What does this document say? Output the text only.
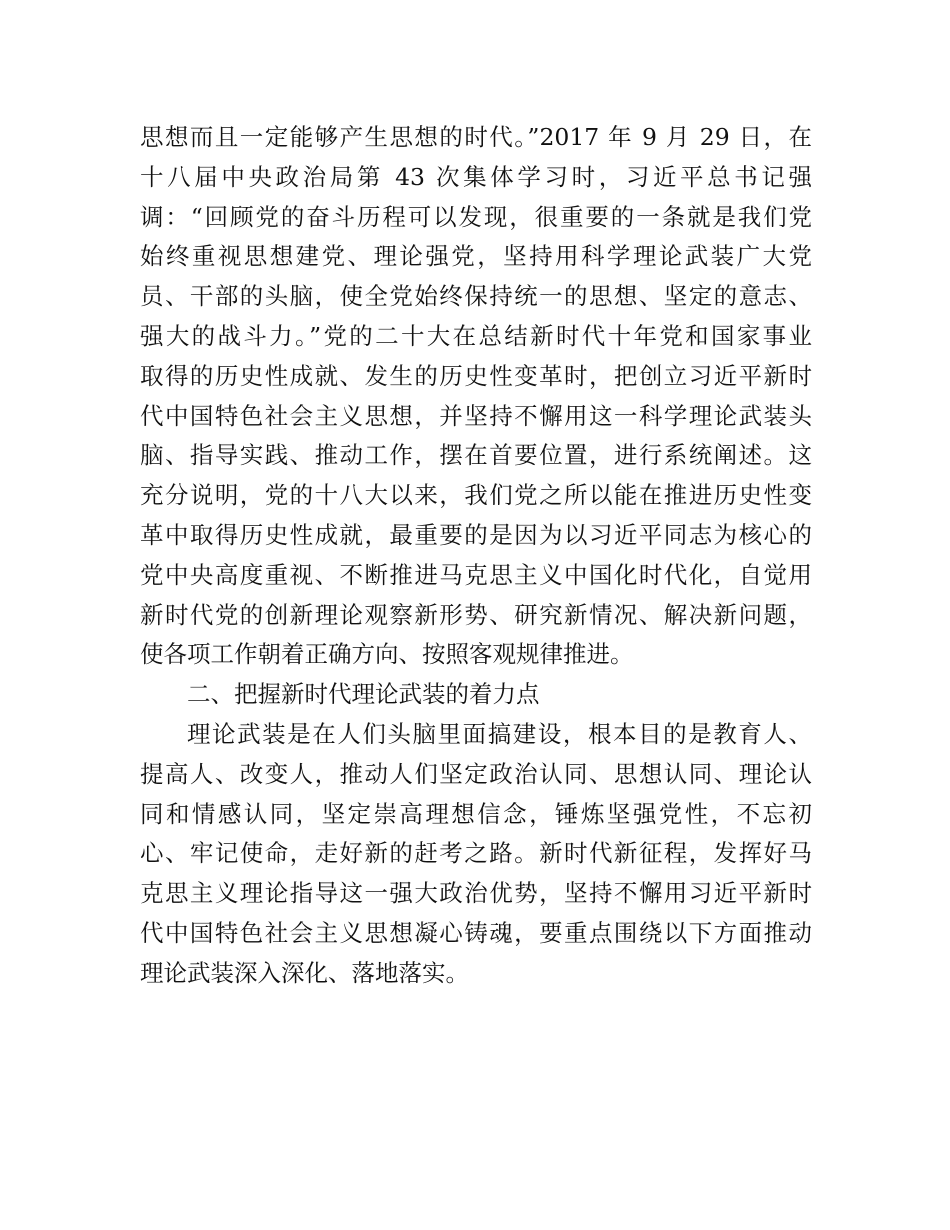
思想而且一定能够产生思想的时代。”2017 年 9 月 29 日，在
十八届中央政治局第 43 次集体学习时，习近平总书记强
调：“回顾党的奋斗历程可以发现，很重要的一条就是我们党
始终重视思想建党、理论强党，坚持用科学理论武装广大党
员、干部的头脑，使全党始终保持统一的思想、坚定的意志、
强大的战斗力。”党的二十大在总结新时代十年党和国家事业
取得的历史性成就、发生的历史性变革时，把创立习近平新时
代中国特色社会主义思想，并坚持不懈用这一科学理论武装头
脑、指导实践、推动工作，摆在首要位置，进行系统阐述。这
充分说明，党的十八大以来，我们党之所以能在推进历史性变
革中取得历史性成就，最重要的是因为以习近平同志为核心的
党中央高度重视、不断推进马克思主义中国化时代化，自觉用
新时代党的创新理论观察新形势、研究新情况、解决新问题，
使各项工作朝着正确方向、按照客观规律推进。
二、把握新时代理论武装的着力点
理论武装是在人们头脑里面搞建设，根本目的是教育人、
提高人、改变人，推动人们坚定政治认同、思想认同、理论认
同和情感认同，坚定崇高理想信念，锤炼坚强党性，不忘初
心、牢记使命，走好新的赶考之路。新时代新征程，发挥好马
克思主义理论指导这一强大政治优势，坚持不懈用习近平新时
代中国特色社会主义思想凝心铸魂，要重点围绕以下方面推动
理论武装深入深化、落地落实。
